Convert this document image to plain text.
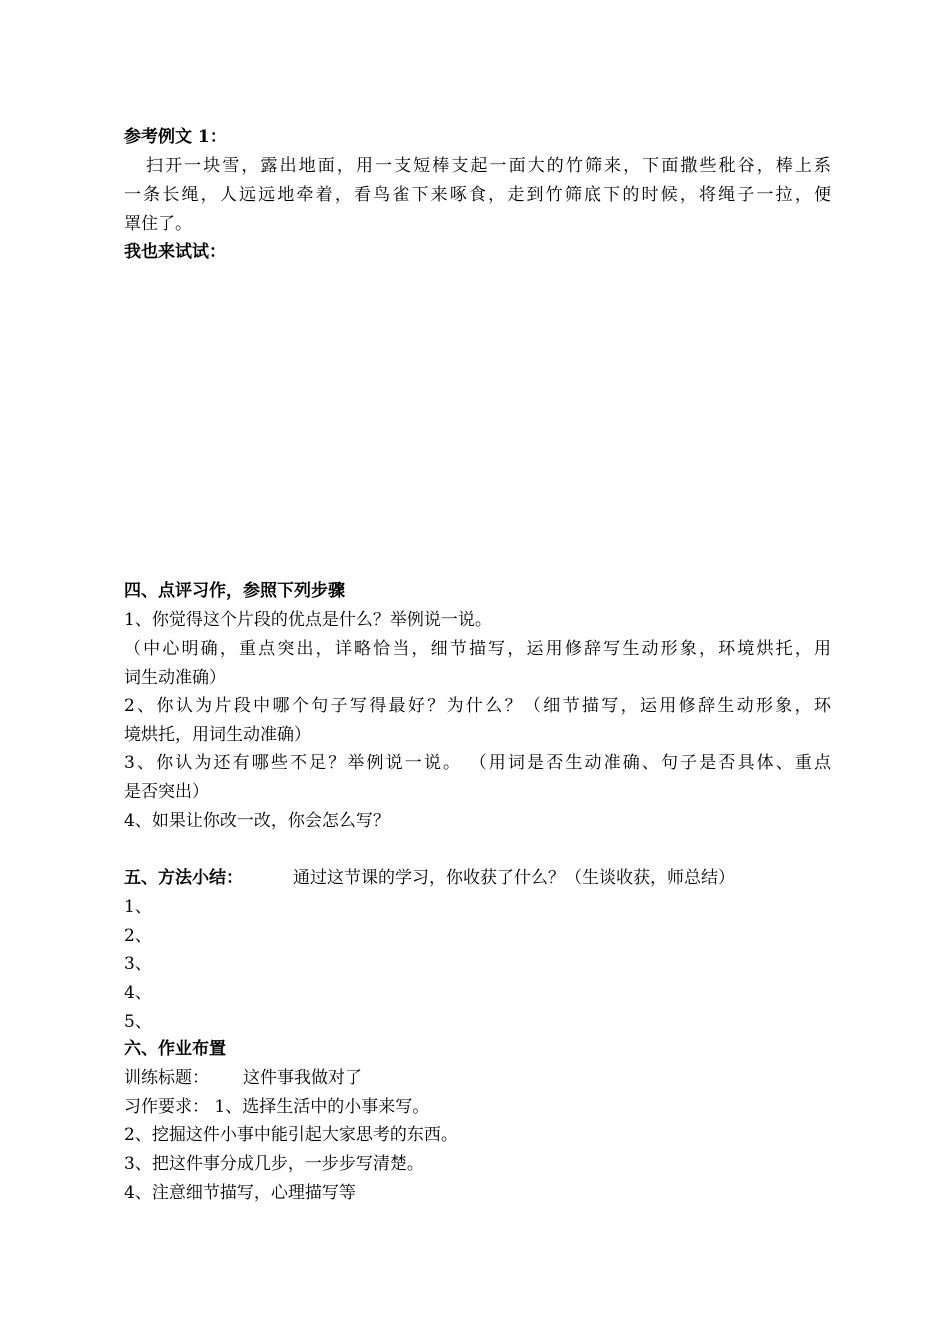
参考例文 1：
扫开一块雪，露出地面，用一支短棒支起一面大的竹筛来，下面撒些秕谷，棒上系
一条长绳，人远远地牵着，看鸟雀下来啄食，走到竹筛底下的时候，将绳子一拉，便
罩住了。
我也来试试：
四、点评习作，参照下列步骤
1、你觉得这个片段的优点是什么？举例说一说。
（中心明确，重点突出，详略恰当，细节描写，运用修辞写生动形象，环境烘托，用
词生动准确）
2、你认为片段中哪个句子写得最好？为什么？（细节描写，运用修辞生动形象，环
境烘托，用词生动准确）
3、你认为还有哪些不足？举例说一说。 （用词是否生动准确、句子是否具体、重点
是否突出）
4、如果让你改一改，你会怎么写？
五、方法小结：	通过这节课的学习，你收获了什么？（生谈收获，师总结）
1、
2、
3、
4、
5、
六、作业布置
训练标题： 这件事我做对了
习作要求： 1、选择生活中的小事来写。
2、挖掘这件小事中能引起大家思考的东西。
3、把这件事分成几步，一步步写清楚。
4、注意细节描写，心理描写等
